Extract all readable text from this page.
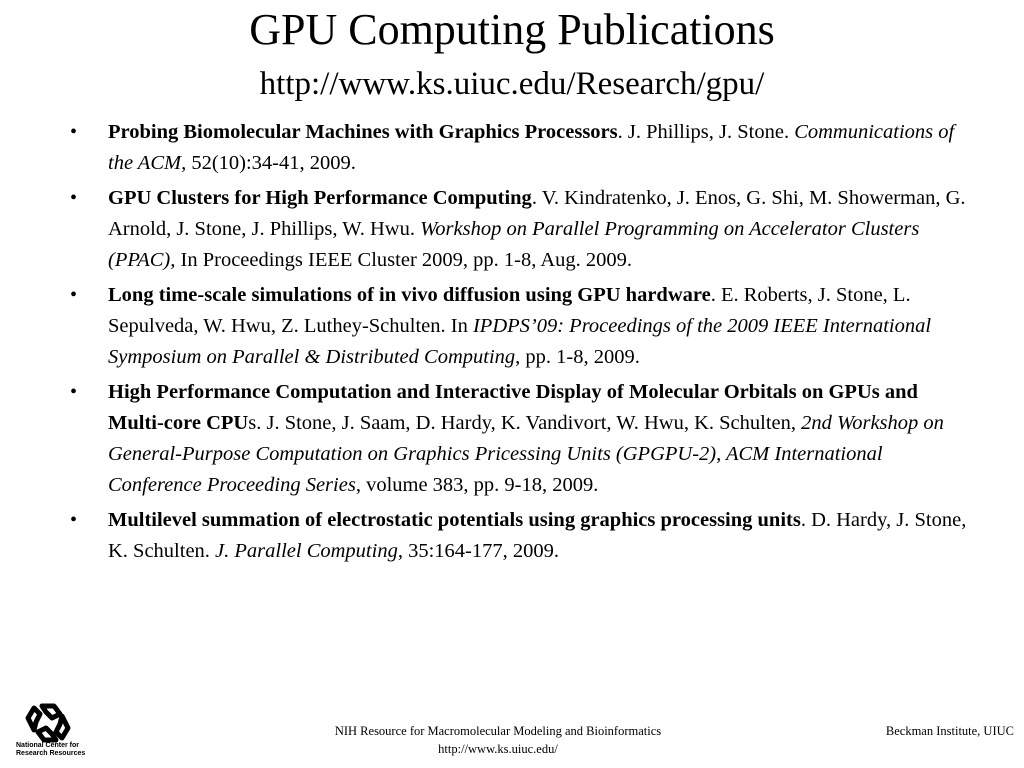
GPU Computing Publications
http://www.ks.uiuc.edu/Research/gpu/
• Probing Biomolecular Machines with Graphics Processors. J. Phillips, J. Stone. Communications of the ACM, 52(10):34-41, 2009.
• GPU Clusters for High Performance Computing. V. Kindratenko, J. Enos, G. Shi, M. Showerman, G. Arnold, J. Stone, J. Phillips, W. Hwu. Workshop on Parallel Programming on Accelerator Clusters (PPAC), In Proceedings IEEE Cluster 2009, pp. 1-8, Aug. 2009.
• Long time-scale simulations of in vivo diffusion using GPU hardware. E. Roberts, J. Stone, L. Sepulveda, W. Hwu, Z. Luthey-Schulten. In IPDPS’09: Proceedings of the 2009 IEEE International Symposium on Parallel & Distributed Computing, pp. 1-8, 2009.
• High Performance Computation and Interactive Display of Molecular Orbitals on GPUs and Multi-core CPUs. J. Stone, J. Saam, D. Hardy, K. Vandivort, W. Hwu, K. Schulten, 2nd Workshop on General-Purpose Computation on Graphics Pricessing Units (GPGPU-2), ACM International Conference Proceeding Series, volume 383, pp. 9-18, 2009.
• Multilevel summation of electrostatic potentials using graphics processing units. D. Hardy, J. Stone, K. Schulten. J. Parallel Computing, 35:164-177, 2009.
National Center for Research Resources
NIH Resource for Macromolecular Modeling and Bioinformatics
http://www.ks.uiuc.edu/
Beckman Institute, UIUC
